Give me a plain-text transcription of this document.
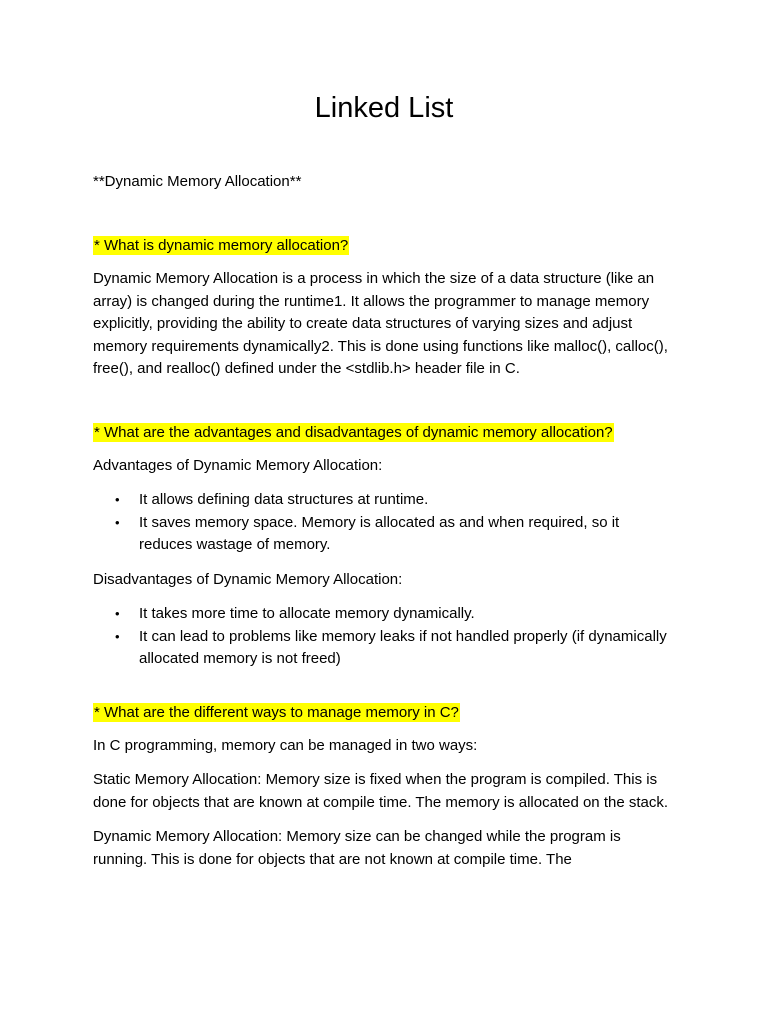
Linked List
**Dynamic Memory Allocation**
* What is dynamic memory allocation?

Dynamic Memory Allocation is a process in which the size of a data structure (like an array) is changed during the runtime1. It allows the programmer to manage memory explicitly, providing the ability to create data structures of varying sizes and adjust memory requirements dynamically2. This is done using functions like malloc(), calloc(), free(), and realloc() defined under the <stdlib.h> header file in C.

* What are the advantages and disadvantages of dynamic memory allocation?

Advantages of Dynamic Memory Allocation:

• It allows defining data structures at runtime.
• It saves memory space. Memory is allocated as and when required, so it reduces wastage of memory.

Disadvantages of Dynamic Memory Allocation:

• It takes more time to allocate memory dynamically.
• It can lead to problems like memory leaks if not handled properly (if dynamically allocated memory is not freed)
* What are the different ways to manage memory in C?

In C programming, memory can be managed in two ways:

Static Memory Allocation: Memory size is fixed when the program is compiled. This is done for objects that are known at compile time. The memory is allocated on the stack.

Dynamic Memory Allocation: Memory size can be changed while the program is running. This is done for objects that are not known at compile time. The
